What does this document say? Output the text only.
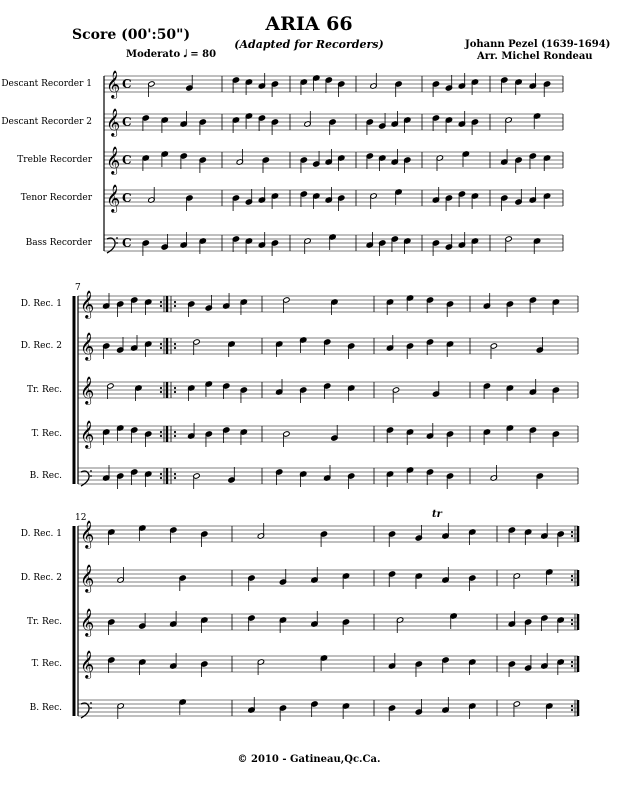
ARIA 66
(Adapted for Recorders)
Score (00':50")
Johann Pezel (1639-1694)
Arr. Michel Rondeau
Moderato 𝅗𝅥 = 80
𝄞 C
Descant Recorder 1
𝄞 C
Descant Recorder 2
𝄞 C
Treble Recorder
𝄞 C
Tenor Recorder
C
Bass Recorder
7
𝄞
D. Rec. 1
𝄞
D. Rec. 2
𝄞
Tr. Rec.
𝄞
T. Rec.
B. Rec.
12
𝄞
D. Rec. 1
𝄞
D. Rec. 2
𝄞
Tr. Rec.
𝄞
T. Rec.
B. Rec.
tr
© 2010 - Gatineau,Qc.Ca.
